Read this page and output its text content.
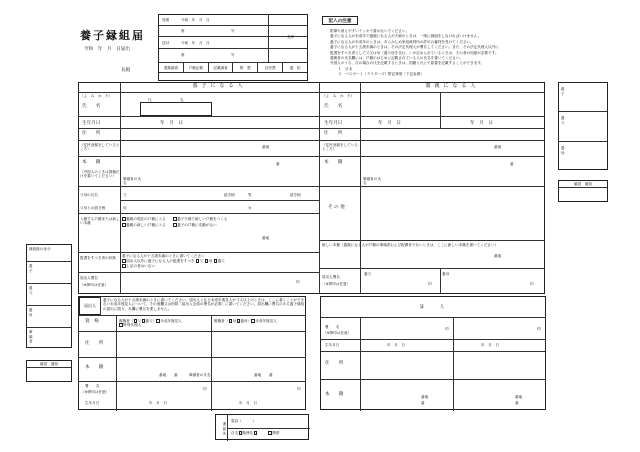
養子縁組届
令和　年　月　日届出
長殿
受理	令和　年　月　日
第	号
送付	令和　年　月　日
第	号
長印
書類調査	戸籍記載	記載調査	附　票	住民票	通　知
記入の注意
鉛筆や消えやすいインキで書かないでください。
養子になる人が未成年で養親になる人が夫婦のときは、一緒に縁組をしなければいけません。
養子になる人が未成年のときは、あらかじめ家庭裁判所の許可の審判を受けてください。
養子になる人が十五歳未満のときは、その法定代理人が署名してください。また、その法定代理人以外に
監護をすべき者として父又は母（養父母を含む。）が定められているときは、その者の同意が必要です。
養親者の氏名欄には、戸籍のはじめに記載されている人の氏名を書いてください。
外国人のうち、次の場合の氏を記載するときは、国籍と氏とで届書を記載することができます。
１　日本
２　パスポート（ライダーズ）附記事項（下記参照）
養子になる人	養親になる人
（よ　み　か　た）
氏	名
氏　　名
生年月日	年　月　日
住　　所
（住民登録をしているところ）
番地
本　　籍	番
（外国人のときは国籍だけを書いてください）
筆頭者の氏名
父母の氏名
父母との続き柄
父
母
続き柄	続き柄
男
女
入籍する戸籍または新しい本籍
養親の現在の戸籍に入る　　	養子夫婦で新しい戸籍をつくる
養親の新しい戸籍に入る　　	養子の戸籍に変動がない
番地
監護をすべき者の有無	養子になる人が十五歳未満のときに書いてください
届出人以外に養子になる人の監護をすべき 父 母 養父
上記の者はいない
届出人署名
（※押印は任意）
印
（よ　み　か　た）
氏　　名
生年月日	年　月　日	年　月　日
住　　所
（住民登録をしているところ）
番地
本　　籍	番
筆頭者の氏名
そ の 他
新しい本籍（養親になる人が戸籍の筆頭者および配偶者でないときは、ここに新しい本籍を書いてください）
番地
届出人署名
（※押印は任意）
養父	養母
印	印
養子
養父
養母
確認　通知
縁組後の身分
養子
養父
養母
筆頭者
確認　通知
届出人
養子になる人が十五歳未満のときに書いてください。届出人となる未成年後見人が３人以上のときは、ここに書くことができない未成年後見人について、その他欄又は別紙（届出人全員の署名が必要）に書いてください。届出欄に署名のある養子縁組の届出に限り、本欄に署名を要しません。
資　格	親権者（ 父 養父） 未成年後見人
特別代理人
親権者（ 母 養母） 未成年後見人
住　　所
本　　籍
番地 番	筆頭者の氏名	番地 番
署　　名
（※押印は任意）
印	印
生年月日	年　月　日	年　月　日
証　　人
署　　名
（※押印は任意）
印	印
生年月日	年　月　日	年　月　日
住　　所
本　　籍	番地	番地
番	番
連絡先
電話（　　　）
自宅 勤務先　　　	携帯
